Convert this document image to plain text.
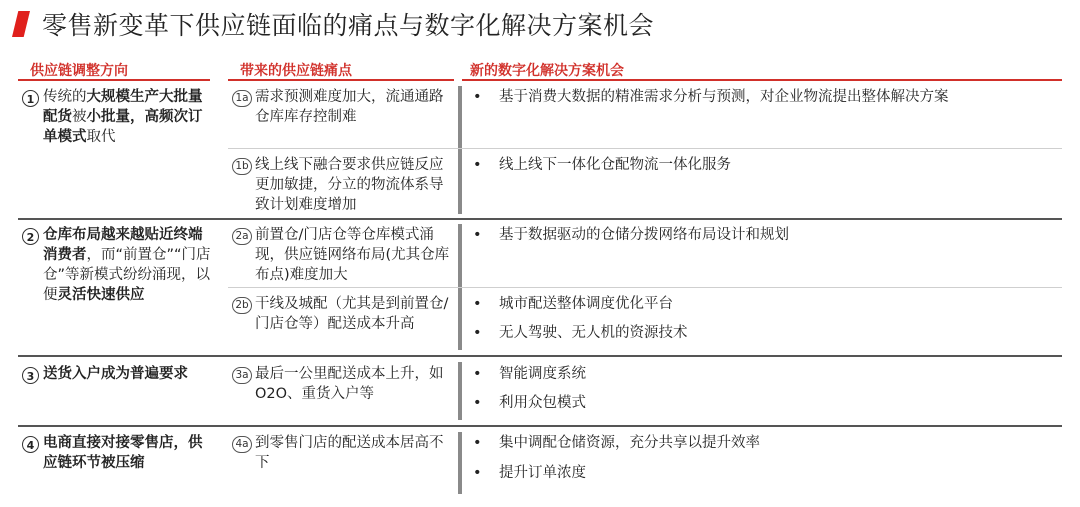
零售新变革下供应链面临的痛点与数字化解决方案机会
供应链调整方向	带来的供应链痛点	新的数字化解决方案机会
1 传统的大规模生产大批量配货被小批量，高频次订单模式取代
1a 需求预测难度加大，流通通路仓库库存控制难
•	基于消费大数据的精准需求分析与预测，对企业物流提出整体解决方案
1b 线上线下融合要求供应链反应更加敏捷，分立的物流体系导致计划难度增加
•	线上线下一体化仓配物流一体化服务
2 仓库布局越来越贴近终端消费者，而“前置仓”“门店仓”等新模式纷纷涌现，以便灵活快速供应
2a 前置仓/门店仓等仓库模式涌现，供应链网络布局(尤其仓库布点)难度加大
•	基于数据驱动的仓储分拨网络布局设计和规划
2b 干线及城配（尤其是到前置仓/门店仓等）配送成本升高
•	城市配送整体调度优化平台
•	无人驾驶、无人机的资源技术
3 送货入户成为普遍要求	3a 最后一公里配送成本上升，如O2O、重货入户等
•	智能调度系统
•	利用众包模式
4 电商直接对接零售店，供应链环节被压缩
4a 到零售门店的配送成本居高不下
•	集中调配仓储资源，充分共享以提升效率
•	提升订单浓度
